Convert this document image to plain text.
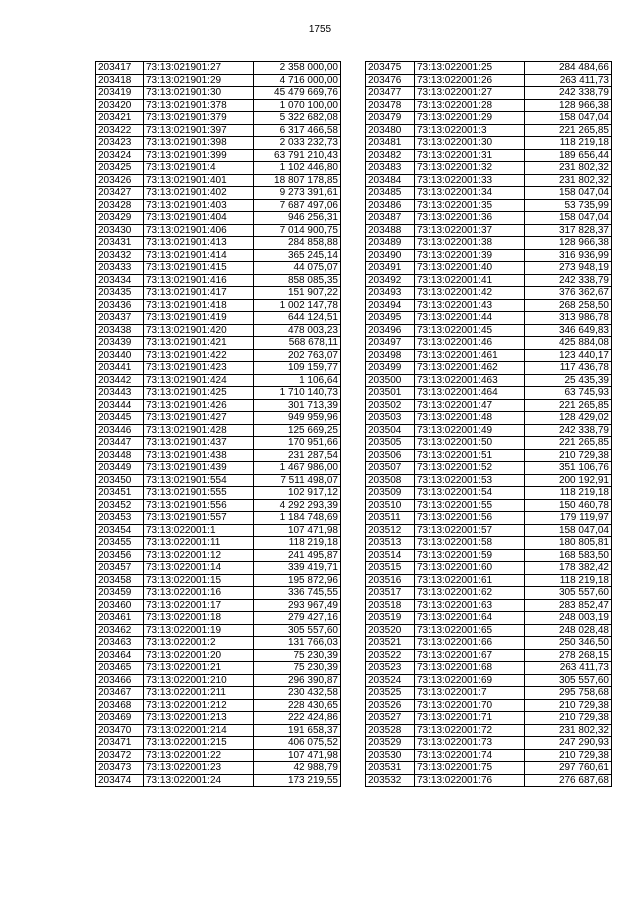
1755
203417	73:13:021901:27	2 358 000,00
203418	73:13:021901:29	4 716 000,00
203419	73:13:021901:30	45 479 669,76
203420	73:13:021901:378	1 070 100,00
203421	73:13:021901:379	5 322 682,08
203422	73:13:021901:397	6 317 466,58
203423	73:13:021901:398	2 033 232,73
203424	73:13:021901:399	63 791 210,43
203425	73:13:021901:4	1 102 446,80
203426	73:13:021901:401	18 807 178,85
203427	73:13:021901:402	9 273 391,61
203428	73:13:021901:403	7 687 497,06
203429	73:13:021901:404	946 256,31
203430	73:13:021901:406	7 014 900,75
203431	73:13:021901:413	284 858,88
203432	73:13:021901:414	365 245,14
203433	73:13:021901:415	44 075,07
203434	73:13:021901:416	858 085,35
203435	73:13:021901:417	151 907,22
203436	73:13:021901:418	1 002 147,78
203437	73:13:021901:419	644 124,51
203438	73:13:021901:420	478 003,23
203439	73:13:021901:421	568 678,11
203440	73:13:021901:422	202 763,07
203441	73:13:021901:423	109 159,77
203442	73:13:021901:424	1 106,64
203443	73:13:021901:425	1 710 140,73
203444	73:13:021901:426	301 713,39
203445	73:13:021901:427	949 959,96
203446	73:13:021901:428	125 669,25
203447	73:13:021901:437	170 951,66
203448	73:13:021901:438	231 287,54
203449	73:13:021901:439	1 467 986,00
203450	73:13:021901:554	7 511 498,07
203451	73:13:021901:555	102 917,12
203452	73:13:021901:556	4 292 293,39
203453	73:13:021901:557	1 184 748,69
203454	73:13:022001:1	107 471,98
203455	73:13:022001:11	118 219,18
203456	73:13:022001:12	241 495,87
203457	73:13:022001:14	339 419,71
203458	73:13:022001:15	195 872,96
203459	73:13:022001:16	336 745,55
203460	73:13:022001:17	293 967,49
203461	73:13:022001:18	279 427,16
203462	73:13:022001:19	305 557,60
203463	73:13:022001:2	131 766,03
203464	73:13:022001:20	75 230,39
203465	73:13:022001:21	75 230,39
203466	73:13:022001:210	296 390,87
203467	73:13:022001:211	230 432,58
203468	73:13:022001:212	228 430,65
203469	73:13:022001:213	222 424,86
203470	73:13:022001:214	191 658,37
203471	73:13:022001:215	406 075,52
203472	73:13:022001:22	107 471,98
203473	73:13:022001:23	42 988,79
203474	73:13:022001:24	173 219,55
203475	73:13:022001:25	284 484,66
203476	73:13:022001:26	263 411,73
203477	73:13:022001:27	242 338,79
203478	73:13:022001:28	128 966,38
203479	73:13:022001:29	158 047,04
203480	73:13:022001:3	221 265,85
203481	73:13:022001:30	118 219,18
203482	73:13:022001:31	189 656,44
203483	73:13:022001:32	231 802,32
203484	73:13:022001:33	231 802,32
203485	73:13:022001:34	158 047,04
203486	73:13:022001:35	53 735,99
203487	73:13:022001:36	158 047,04
203488	73:13:022001:37	317 828,37
203489	73:13:022001:38	128 966,38
203490	73:13:022001:39	316 936,99
203491	73:13:022001:40	273 948,19
203492	73:13:022001:41	242 338,79
203493	73:13:022001:42	376 362,67
203494	73:13:022001:43	268 258,50
203495	73:13:022001:44	313 986,78
203496	73:13:022001:45	346 649,83
203497	73:13:022001:46	425 884,08
203498	73:13:022001:461	123 440,17
203499	73:13:022001:462	117 436,78
203500	73:13:022001:463	25 435,39
203501	73:13:022001:464	63 745,93
203502	73:13:022001:47	221 265,85
203503	73:13:022001:48	128 429,02
203504	73:13:022001:49	242 338,79
203505	73:13:022001:50	221 265,85
203506	73:13:022001:51	210 729,38
203507	73:13:022001:52	351 106,76
203508	73:13:022001:53	200 192,91
203509	73:13:022001:54	118 219,18
203510	73:13:022001:55	150 460,78
203511	73:13:022001:56	179 119,97
203512	73:13:022001:57	158 047,04
203513	73:13:022001:58	180 805,81
203514	73:13:022001:59	168 583,50
203515	73:13:022001:60	178 382,42
203516	73:13:022001:61	118 219,18
203517	73:13:022001:62	305 557,60
203518	73:13:022001:63	283 852,47
203519	73:13:022001:64	248 003,19
203520	73:13:022001:65	248 028,48
203521	73:13:022001:66	250 346,50
203522	73:13:022001:67	278 268,15
203523	73:13:022001:68	263 411,73
203524	73:13:022001:69	305 557,60
203525	73:13:022001:7	295 758,68
203526	73:13:022001:70	210 729,38
203527	73:13:022001:71	210 729,38
203528	73:13:022001:72	231 802,32
203529	73:13:022001:73	247 290,93
203530	73:13:022001:74	210 729,38
203531	73:13:022001:75	297 760,61
203532	73:13:022001:76	276 687,68
